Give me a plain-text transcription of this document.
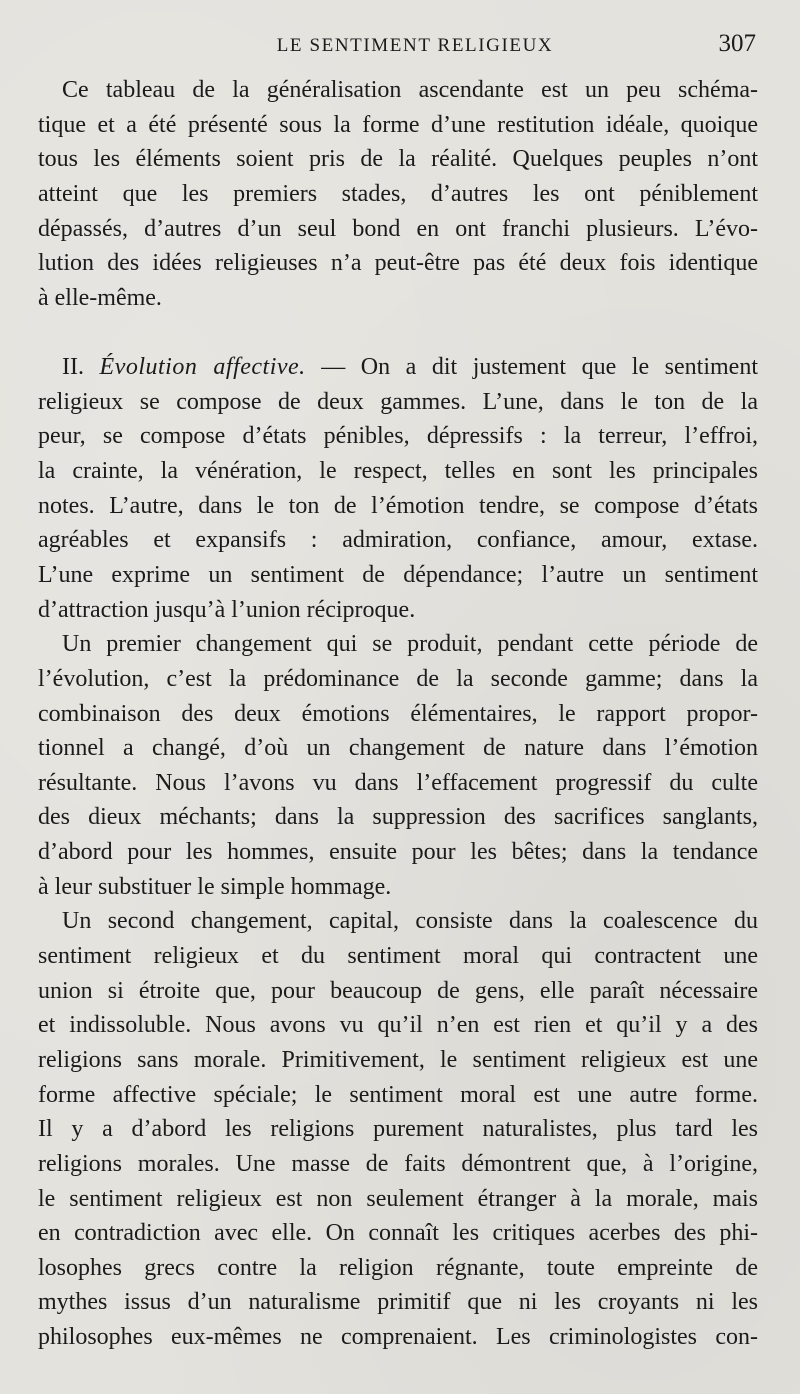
LE SENTIMENT RELIGIEUX	307
Ce tableau de la généralisation ascendante est un peu schéma-
tique et a été présenté sous la forme d’une restitution idéale, quoique
tous les éléments soient pris de la réalité. Quelques peuples n’ont
atteint que les premiers stades, d’autres les ont péniblement
dépassés, d’autres d’un seul bond en ont franchi plusieurs. L’évo-
lution des idées religieuses n’a peut-être pas été deux fois identique
à elle-même.
II. Évolution affective. — On a dit justement que le sentiment
religieux se compose de deux gammes. L’une, dans le ton de la
peur, se compose d’états pénibles, dépressifs : la terreur, l’effroi,
la crainte, la vénération, le respect, telles en sont les principales
notes. L’autre, dans le ton de l’émotion tendre, se compose d’états
agréables et expansifs : admiration, confiance, amour, extase.
L’une exprime un sentiment de dépendance; l’autre un sentiment
d’attraction jusqu’à l’union réciproque.
Un premier changement qui se produit, pendant cette période de
l’évolution, c’est la prédominance de la seconde gamme; dans la
combinaison des deux émotions élémentaires, le rapport propor-
tionnel a changé, d’où un changement de nature dans l’émotion
résultante. Nous l’avons vu dans l’effacement progressif du culte
des dieux méchants; dans la suppression des sacrifices sanglants,
d’abord pour les hommes, ensuite pour les bêtes; dans la tendance
à leur substituer le simple hommage.
Un second changement, capital, consiste dans la coalescence du
sentiment religieux et du sentiment moral qui contractent une
union si étroite que, pour beaucoup de gens, elle paraît nécessaire
et indissoluble. Nous avons vu qu’il n’en est rien et qu’il y a des
religions sans morale. Primitivement, le sentiment religieux est une
forme affective spéciale; le sentiment moral est une autre forme.
Il y a d’abord les religions purement naturalistes, plus tard les
religions morales. Une masse de faits démontrent que, à l’origine,
le sentiment religieux est non seulement étranger à la morale, mais
en contradiction avec elle. On connaît les critiques acerbes des phi-
losophes grecs contre la religion régnante, toute empreinte de
mythes issus d’un naturalisme primitif que ni les croyants ni les
philosophes eux-mêmes ne comprenaient. Les criminologistes con-
